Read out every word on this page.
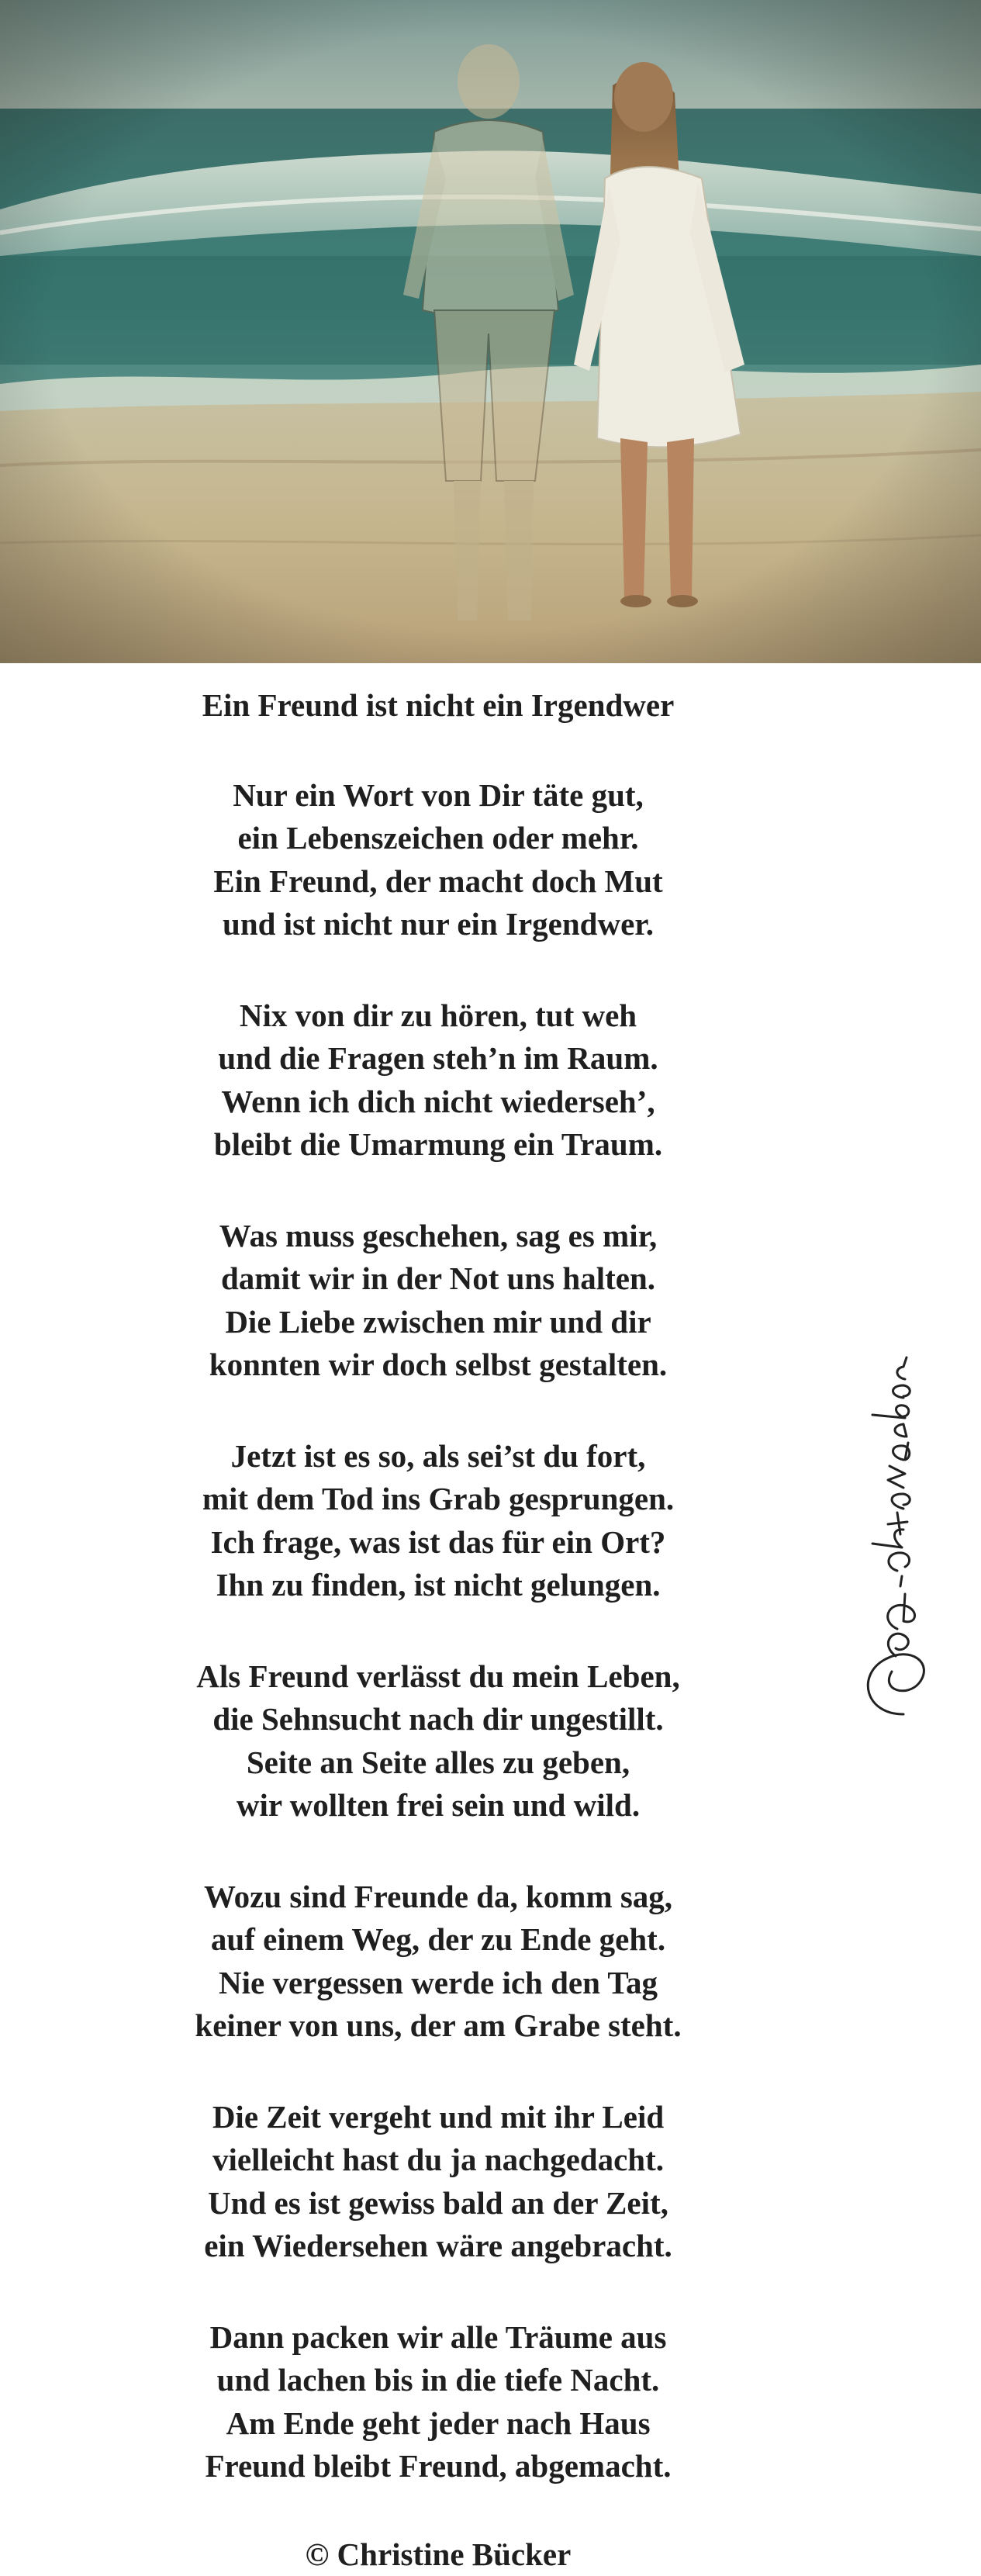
Ein Freund ist nicht ein Irgendwer
Nur ein Wort von Dir täte gut,
ein Lebenszeichen oder mehr.
Ein Freund, der macht doch Mut
und ist nicht nur ein Irgendwer.
Nix von dir zu hören, tut weh
und die Fragen steh’n im Raum.
Wenn ich dich nicht wiederseh’,
bleibt die Umarmung ein Traum.
Was muss geschehen, sag es mir,
damit wir in der Not uns halten.
Die Liebe zwischen mir und dir
konnten wir doch selbst gestalten.
Jetzt ist es so, als sei’st du fort,
mit dem Tod ins Grab gesprungen.
Ich frage, was ist das für ein Ort?
Ihn zu finden, ist nicht gelungen.
Als Freund verlässt du mein Leben,
die Sehnsucht nach dir ungestillt.
Seite an Seite alles zu geben,
wir wollten frei sein und wild.
Wozu sind Freunde da, komm sag,
auf einem Weg, der zu Ende geht.
Nie vergessen werde ich den Tag
keiner von uns, der am Grabe steht.
Die Zeit vergeht und mit ihr Leid
vielleicht hast du ja nachgedacht.
Und es ist gewiss bald an der Zeit,
ein Wiedersehen wäre angebracht.
Dann packen wir alle Träume aus
und lachen bis in die tiefe Nacht.
Am Ende geht jeder nach Haus
Freund bleibt Freund, abgemacht.
© Christine Bücker
